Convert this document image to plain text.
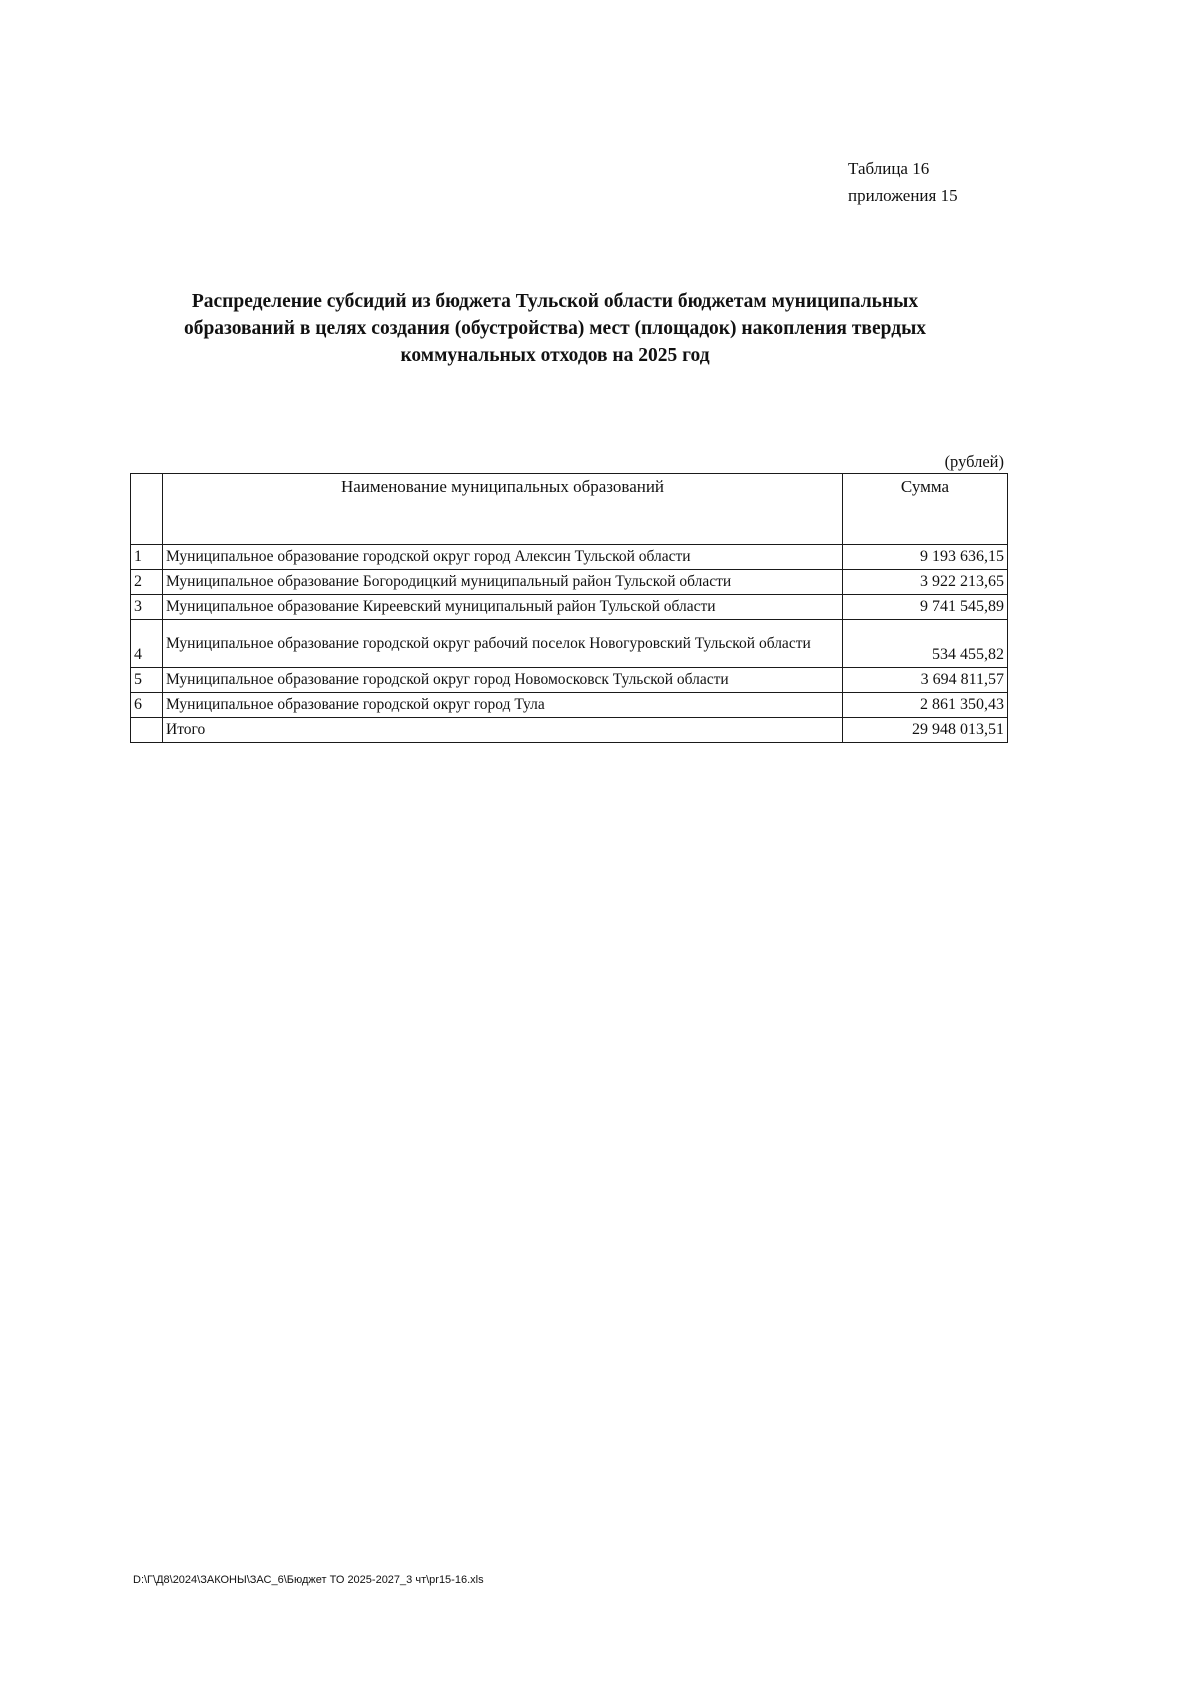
Таблица 16
приложения 15
Распределение субсидий из бюджета Тульской области бюджетам муниципальных
образований в целях создания (обустройства) мест (площадок) накопления твердых
коммунальных отходов на 2025 год
(рублей)
	Наименование муниципальных образований	Сумма
1	Муниципальное образование городской округ город Алексин Тульской области	9 193 636,15
2	Муниципальное образование Богородицкий муниципальный район Тульской области	3 922 213,65
3	Муниципальное образование Киреевский муниципальный район Тульской области	9 741 545,89
4	Муниципальное образование городской округ рабочий поселок Новогуровский Тульской области	534 455,82
5	Муниципальное образование городской округ город Новомосковск Тульской области	3 694 811,57
6	Муниципальное образование городской округ город Тула	2 861 350,43
	Итого	29 948 013,51
D:\Г\Д8\2024\ЗАКОНЫ\ЗАС_6\Бюджет ТО 2025-2027_3 чт\pr15-16.xls
